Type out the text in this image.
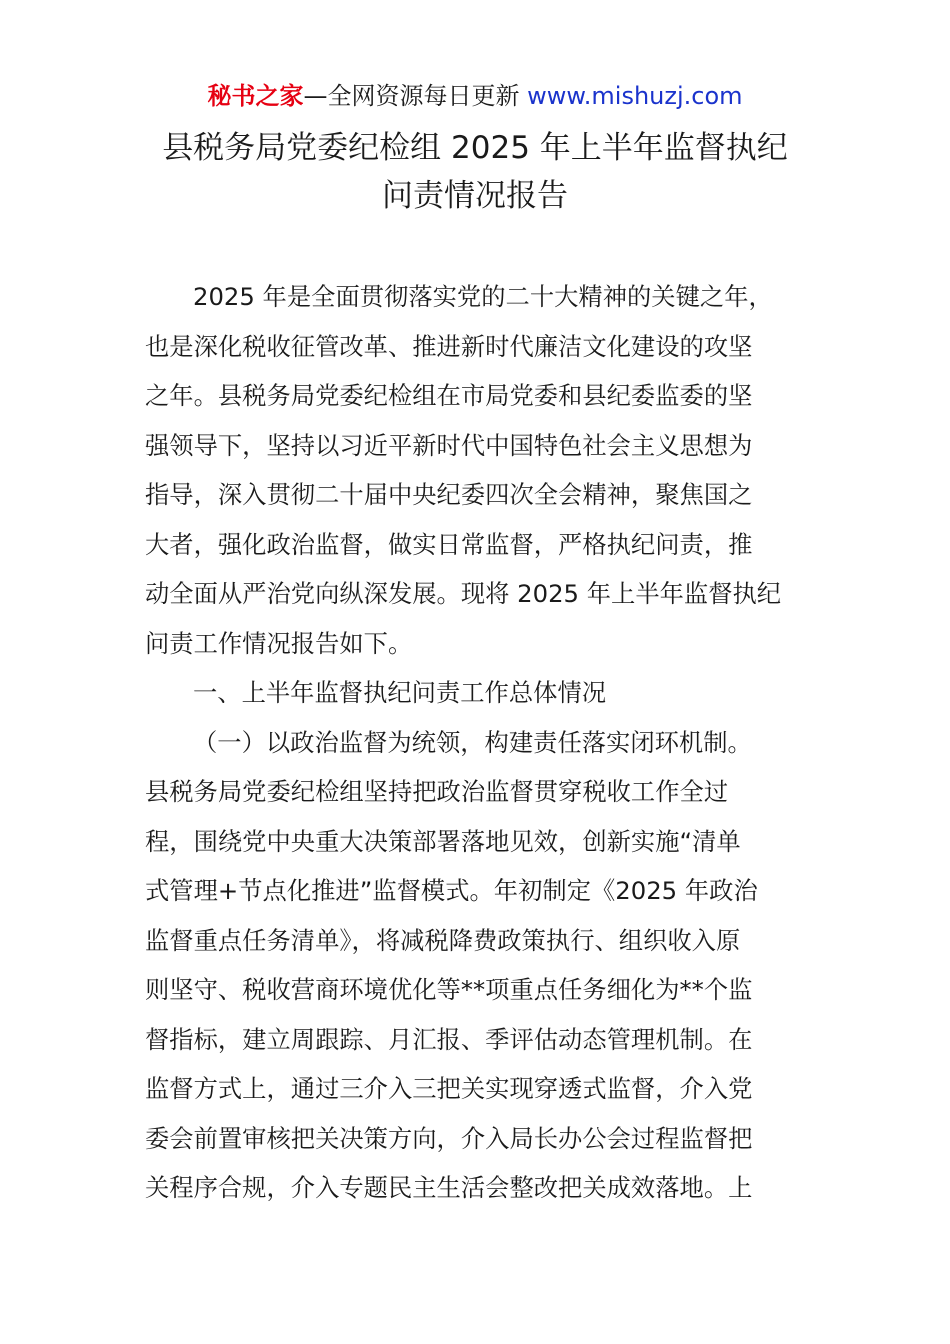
秘书之家—全网资源每日更新 www.mishuzj.com
县税务局党委纪检组 2025 年上半年监督执纪
问责情况报告

2025 年是全面贯彻落实党的二十大精神的关键之年，

也是深化税收征管改革、推进新时代廉洁文化建设的攻坚

之年。县税务局党委纪检组在市局党委和县纪委监委的坚

强领导下，坚持以习近平新时代中国特色社会主义思想为

指导，深入贯彻二十届中央纪委四次全会精神，聚焦国之

大者，强化政治监督，做实日常监督，严格执纪问责，推

动全面从严治党向纵深发展。现将 2025 年上半年监督执纪

问责工作情况报告如下。

一、上半年监督执纪问责工作总体情况

（一）以政治监督为统领，构建责任落实闭环机制。

县税务局党委纪检组坚持把政治监督贯穿税收工作全过

程，围绕党中央重大决策部署落地见效，创新实施“清单

式管理+节点化推进”监督模式。年初制定《2025 年政治

监督重点任务清单》，将减税降费政策执行、组织收入原

则坚守、税收营商环境优化等**项重点任务细化为**个监

督指标，建立周跟踪、月汇报、季评估动态管理机制。在

监督方式上，通过三介入三把关实现穿透式监督，介入党

委会前置审核把关决策方向，介入局长办公会过程监督把

关程序合规，介入专题民主生活会整改把关成效落地。上
